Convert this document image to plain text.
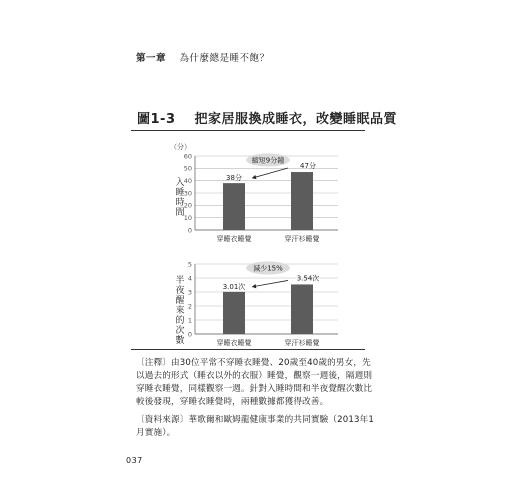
第一章 為什麼總是睡不飽？
圖1-3 把家居服換成睡衣，改變睡眠品質
入
睡
時
間
（分）
0
10
20
30
40
50
60
穿睡衣睡覺
38分
穿汗衫睡覺
47分
縮短9分鐘
半
夜
醒
來
的
次
數
0
1
2
3
4
5
穿睡衣睡覺
3.01次
穿汗衫睡覺
3.54次
減少15%
〔注釋〕由30位平常不穿睡衣睡覺、20歲至40歲的男女，先以過去的形式（睡衣以外的衣服）睡覺，觀察一週後，隔週則穿睡衣睡覺，同樣觀察一週。針對入睡時間和半夜覺醒次數比較後發現，穿睡衣睡覺時，兩種數據都獲得改善。
〔資料來源〕華歌爾和歐姆龍健康事業的共同實驗（2013年1月實施）。
037
